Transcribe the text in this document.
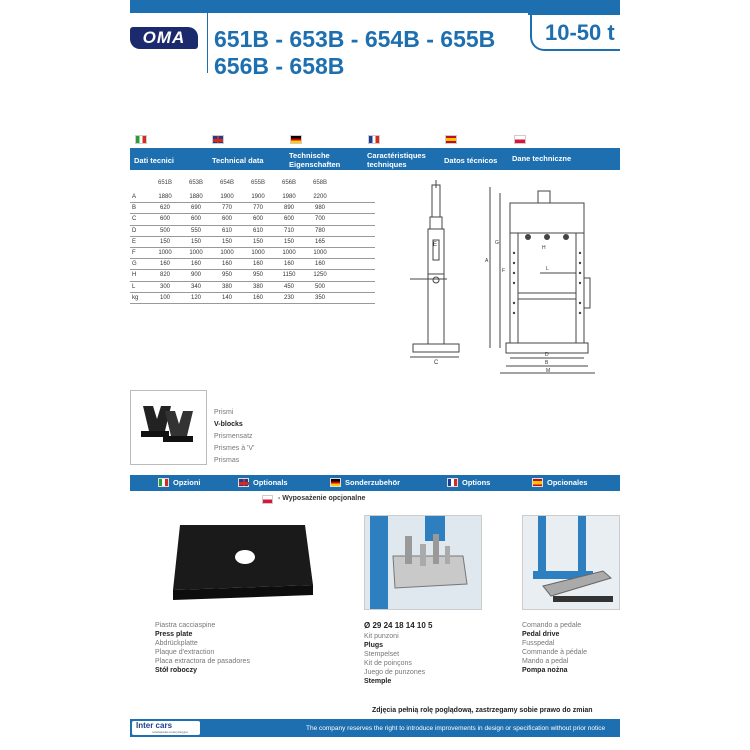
OMA	651B - 653B - 654B - 655B
656B - 658B
10-50 t
Dati tecnici	Technical data
Technische Eigenschaften
Caractéristiques techniques	Datos técnicos Dane techniczne
651B	653B	654B	655B	656B	658B
A	1880	1880	1900	1900	1980	2200
B	620	690	770	770	890	980
C	600	600	600	600	600	700
D	500	550	610	610	710	780
E	150	150	150	150	150	165
F	1000	1000	1000	1000	1000	1000
G	160	160	160	160	160	160
H	820	900	950	950	1150	1250
L	300	340	380	380	450	500
kg	100	120	140	160	230	350
E
C
G
H
L
A
F
D
B
M
Prismi
V-blocks
Prismensatz
Prismes à 'V'
Prismas
Opzioni	Optionals	Sonderzubehör	Options	Opcionales
- Wyposażenie opcjonalne
Piastra cacciaspine
Press plate
Abdrückplatte
Plaque d'extraction
Placa extractora de pasadores
Stół roboczy
Ø 29 24 18 14 10 5
Kit punzoni
Plugs
Stempelset
Kit de poinçons
Juego de punzones
Stemple
Comando a pedale
Pedal drive
Fusspedal
Commande à pédale
Mando a pedal
Pompa nożna
Zdjęcia pełnią rolę poglądową, zastrzegamy sobie prawo do zmian
Inter cars
rozwiązania motoryzacyjne	The company reserves the right to introduce improvements in design or specification without prior notice
